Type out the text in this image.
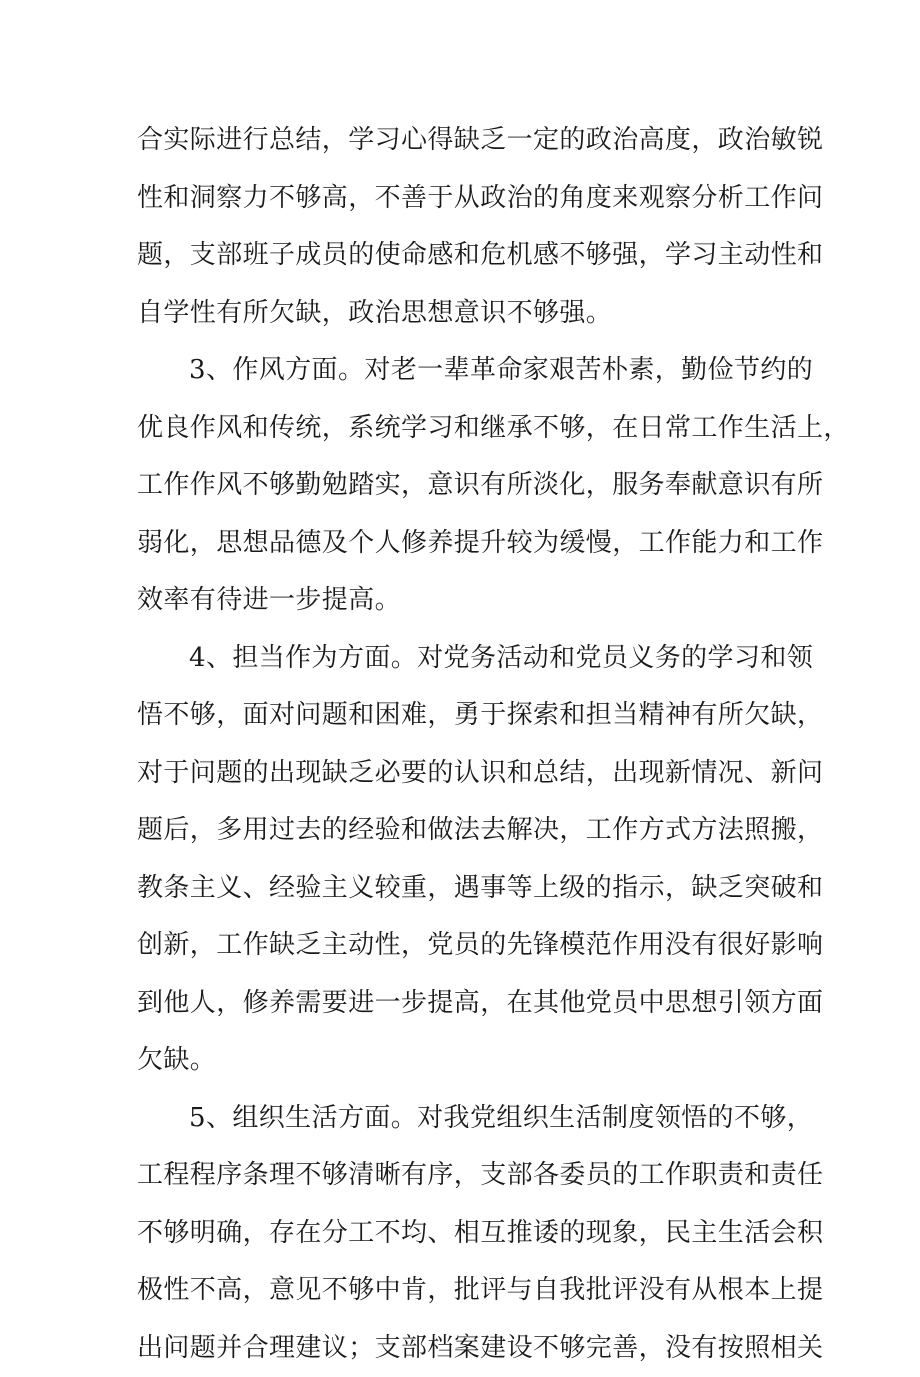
合实际进行总结，学习心得缺乏一定的政治高度，政治敏锐
性和洞察力不够高，不善于从政治的角度来观察分析工作问
题，支部班子成员的使命感和危机感不够强，学习主动性和
自学性有所欠缺，政治思想意识不够强。

3、作风方面。对老一辈革命家艰苦朴素，勤俭节约的
优良作风和传统，系统学习和继承不够，在日常工作生活上，
工作作风不够勤勉踏实，意识有所淡化，服务奉献意识有所
弱化，思想品德及个人修养提升较为缓慢，工作能力和工作
效率有待进一步提高。

4、担当作为方面。对党务活动和党员义务的学习和领
悟不够，面对问题和困难，勇于探索和担当精神有所欠缺，
对于问题的出现缺乏必要的认识和总结，出现新情况、新问
题后，多用过去的经验和做法去解决，工作方式方法照搬，
教条主义、经验主义较重，遇事等上级的指示，缺乏突破和
创新，工作缺乏主动性，党员的先锋模范作用没有很好影响
到他人，修养需要进一步提高，在其他党员中思想引领方面
欠缺。

5、组织生活方面。对我党组织生活制度领悟的不够，
工程程序条理不够清晰有序，支部各委员的工作职责和责任
不够明确，存在分工不均、相互推诿的现象，民主生活会积
极性不高，意见不够中肯，批评与自我批评没有从根本上提
出问题并合理建议；支部档案建设不够完善，没有按照相关
